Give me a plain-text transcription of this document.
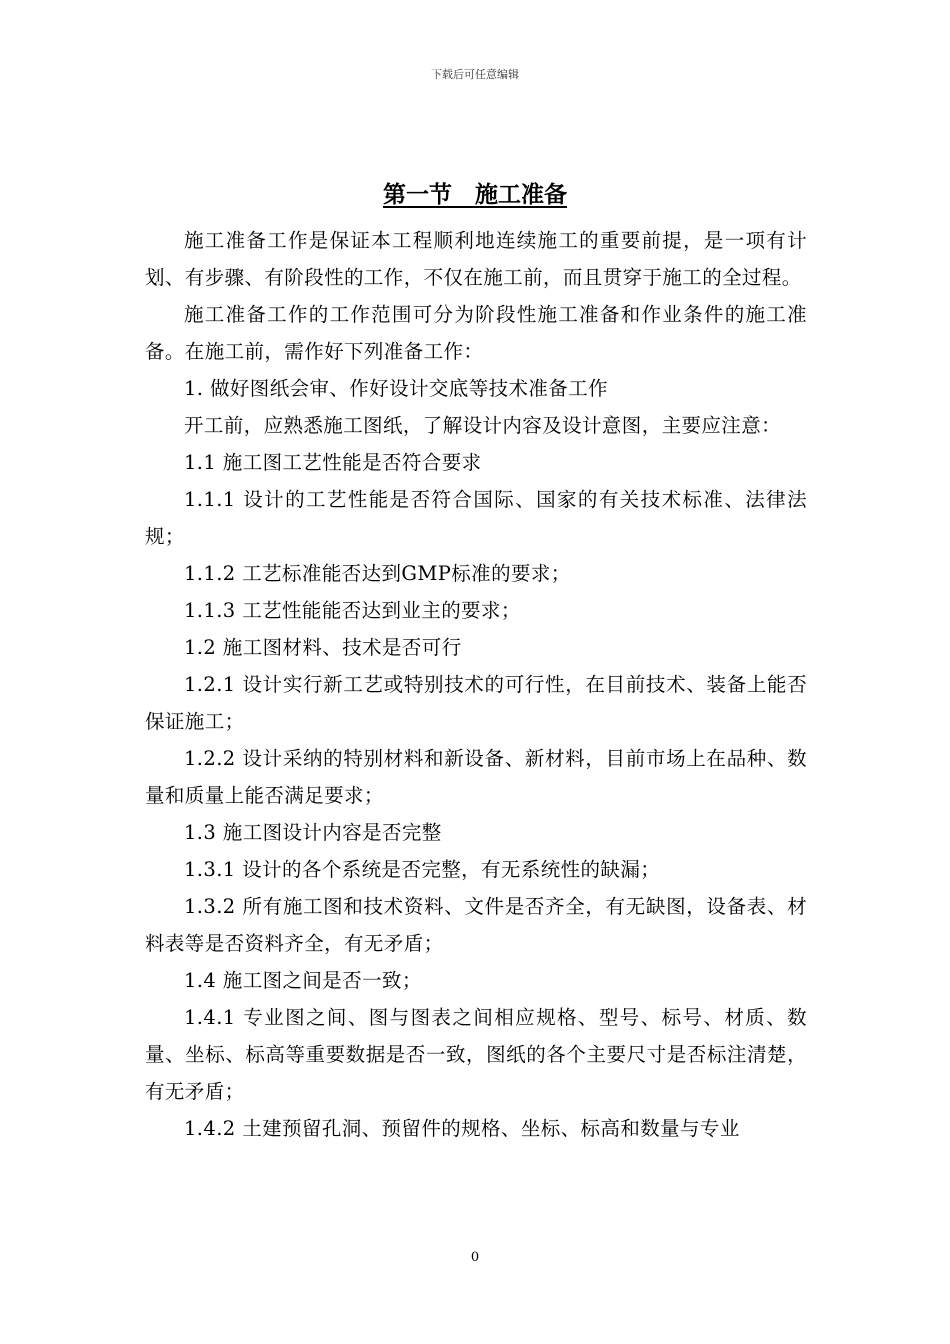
下载后可任意编辑
第一节　施工准备

施工准备工作是保证本工程顺利地连续施工的重要前提，是一项有计划、有步骤、有阶段性的工作，不仅在施工前，而且贯穿于施工的全过程。

施工准备工作的工作范围可分为阶段性施工准备和作业条件的施工准备。在施工前，需作好下列准备工作：

1. 做好图纸会审、作好设计交底等技术准备工作

开工前，应熟悉施工图纸，了解设计内容及设计意图，主要应注意：

1.1 施工图工艺性能是否符合要求

1.1.1 设计的工艺性能是否符合国际、国家的有关技术标准、法律法规；

1.1.2 工艺标准能否达到GMP标准的要求；

1.1.3 工艺性能能否达到业主的要求；

1.2 施工图材料、技术是否可行

1.2.1 设计实行新工艺或特别技术的可行性，在目前技术、装备上能否保证施工；

1.2.2 设计采纳的特别材料和新设备、新材料，目前市场上在品种、数量和质量上能否满足要求；

1.3 施工图设计内容是否完整

1.3.1 设计的各个系统是否完整，有无系统性的缺漏；

1.3.2 所有施工图和技术资料、文件是否齐全，有无缺图，设备表、材料表等是否资料齐全，有无矛盾；

1.4 施工图之间是否一致；

1.4.1 专业图之间、图与图表之间相应规格、型号、标号、材质、数量、坐标、标高等重要数据是否一致，图纸的各个主要尺寸是否标注清楚，有无矛盾；

1.4.2 土建预留孔洞、预留件的规格、坐标、标高和数量与专业

0
